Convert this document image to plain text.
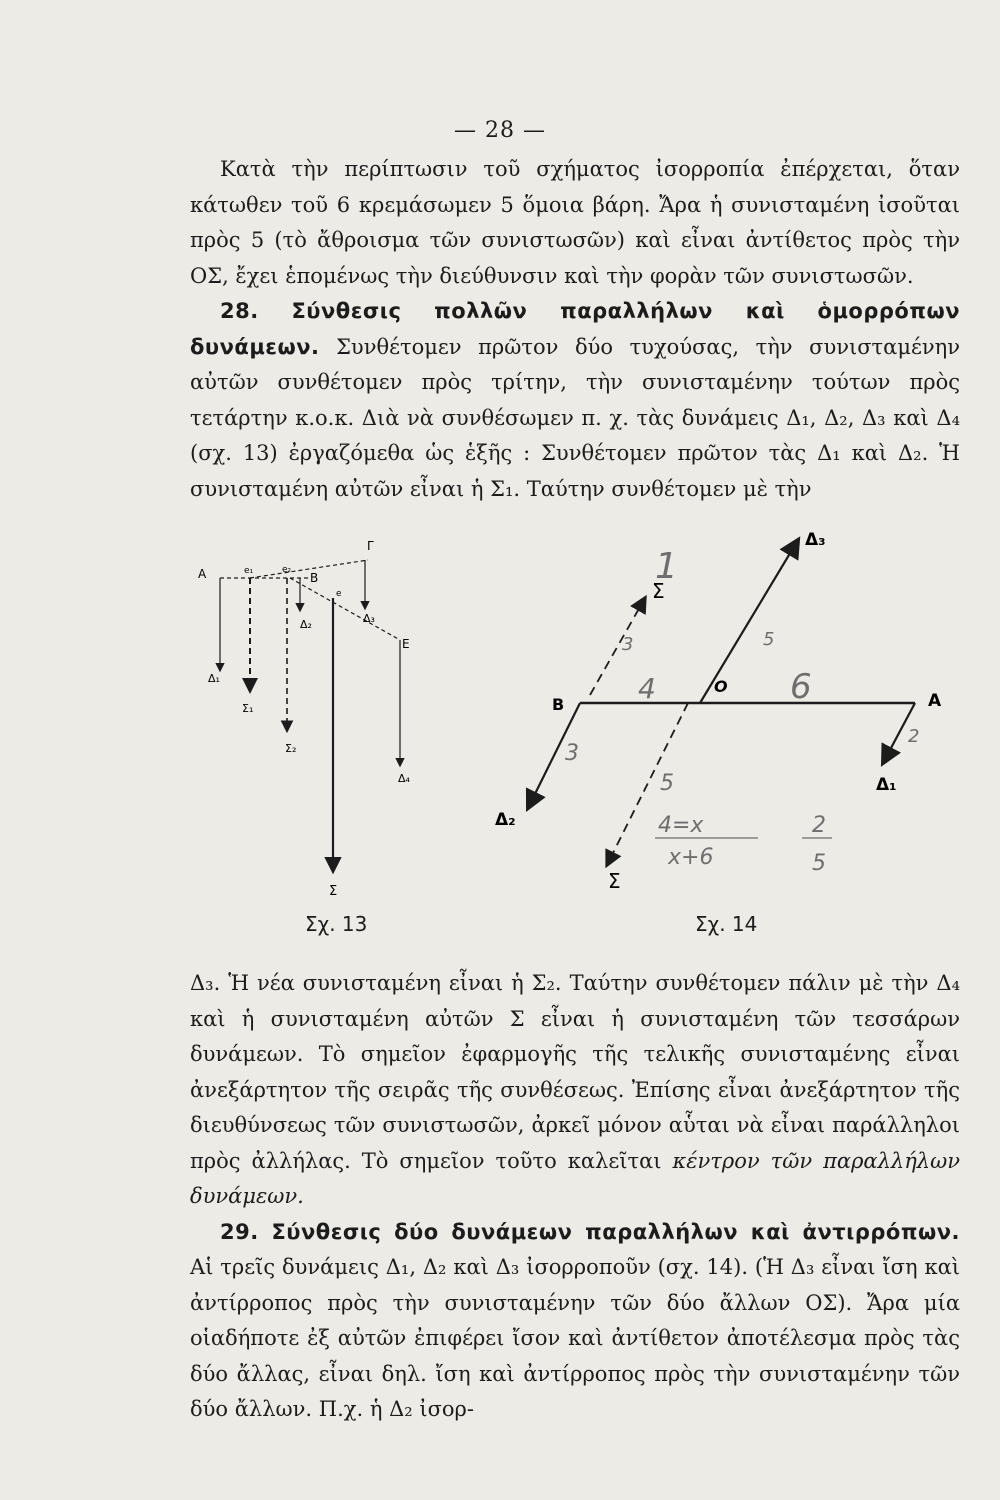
— 28 —

Κατὰ τὴν περίπτωσιν τοῦ σχήματος ἰσορροπία ἐπέρχεται, ὅταν κάτωθεν τοῦ 6 κρεμάσωμεν 5 ὅμοια βάρη. Ἄρα ἡ συνισταμένη ἰσοῦται πρὸς 5 (τὸ ἄθροισμα τῶν συνιστωσῶν) καὶ εἶναι ἀντίθετος πρὸς τὴν ΟΣ, ἔχει ἑπομένως τὴν διεύθυνσιν καὶ τὴν φορὰν τῶν συνιστωσῶν.

28. Σύνθεσις πολλῶν παραλλήλων καὶ ὁμορρόπων δυνάμεων. Συνθέτομεν πρῶτον δύο τυχούσας, τὴν συνισταμένην αὐτῶν συνθέτομεν πρὸς τρίτην, τὴν συνισταμένην τούτων πρὸς τετάρτην κ.ο.κ. Διὰ νὰ συνθέσωμεν π. χ. τὰς δυνάμεις Δ₁, Δ₂, Δ₃ καὶ Δ₄ (σχ. 13) ἐργαζόμεθα ὡς ἑξῆς : Συνθέτομεν πρῶτον τὰς Δ₁ καὶ Δ₂. Ἡ συνισταμένη αὐτῶν εἶναι ἡ Σ₁. Ταύτην συνθέτομεν μὲ τὴν

Α	Β
Γ
Ε
Δ₁
Σ₁
Σ₂
Δ₂	Δ₃
Δ₄
Σ
e₁	e₂
e
Σχ. 13
Δ₃
Β
Ο
Α
Δ₁
Δ₂
Σ
Σ
4	6
3
5
2
3
1
5
4=x
x+6
2
5
Σχ. 14

Δ₃. Ἡ νέα συνισταμένη εἶναι ἡ Σ₂. Ταύτην συνθέτομεν πάλιν μὲ τὴν Δ₄ καὶ ἡ συνισταμένη αὐτῶν Σ εἶναι ἡ συνισταμένη τῶν τεσσάρων δυνάμεων. Τὸ σημεῖον ἐφαρμογῆς τῆς τελικῆς συνισταμένης εἶναι ἀνεξάρτητον τῆς σειρᾶς τῆς συνθέσεως. Ἐπίσης εἶναι ἀνεξάρτητον τῆς διευθύνσεως τῶν συνιστωσῶν, ἀρκεῖ μόνον αὗται νὰ εἶναι παράλληλοι πρὸς ἀλλήλας. Τὸ σημεῖον τοῦτο καλεῖται κέντρον τῶν παραλλήλων δυνάμεων.

29. Σύνθεσις δύο δυνάμεων παραλλήλων καὶ ἀντιρρόπων. Αἱ τρεῖς δυνάμεις Δ₁, Δ₂ καὶ Δ₃ ἰσορροποῦν (σχ. 14). (Ἡ Δ₃ εἶναι ἴση καὶ ἀντίρροπος πρὸς τὴν συνισταμένην τῶν δύο ἄλλων ΟΣ). Ἄρα μία οἱαδήποτε ἐξ αὐτῶν ἐπιφέρει ἴσον καὶ ἀντίθετον ἀποτέλεσμα πρὸς τὰς δύο ἄλλας, εἶναι δηλ. ἴση καὶ ἀντίρροπος πρὸς τὴν συνισταμένην τῶν δύο ἄλλων. Π.χ. ἡ Δ₂ ἰσορ-
